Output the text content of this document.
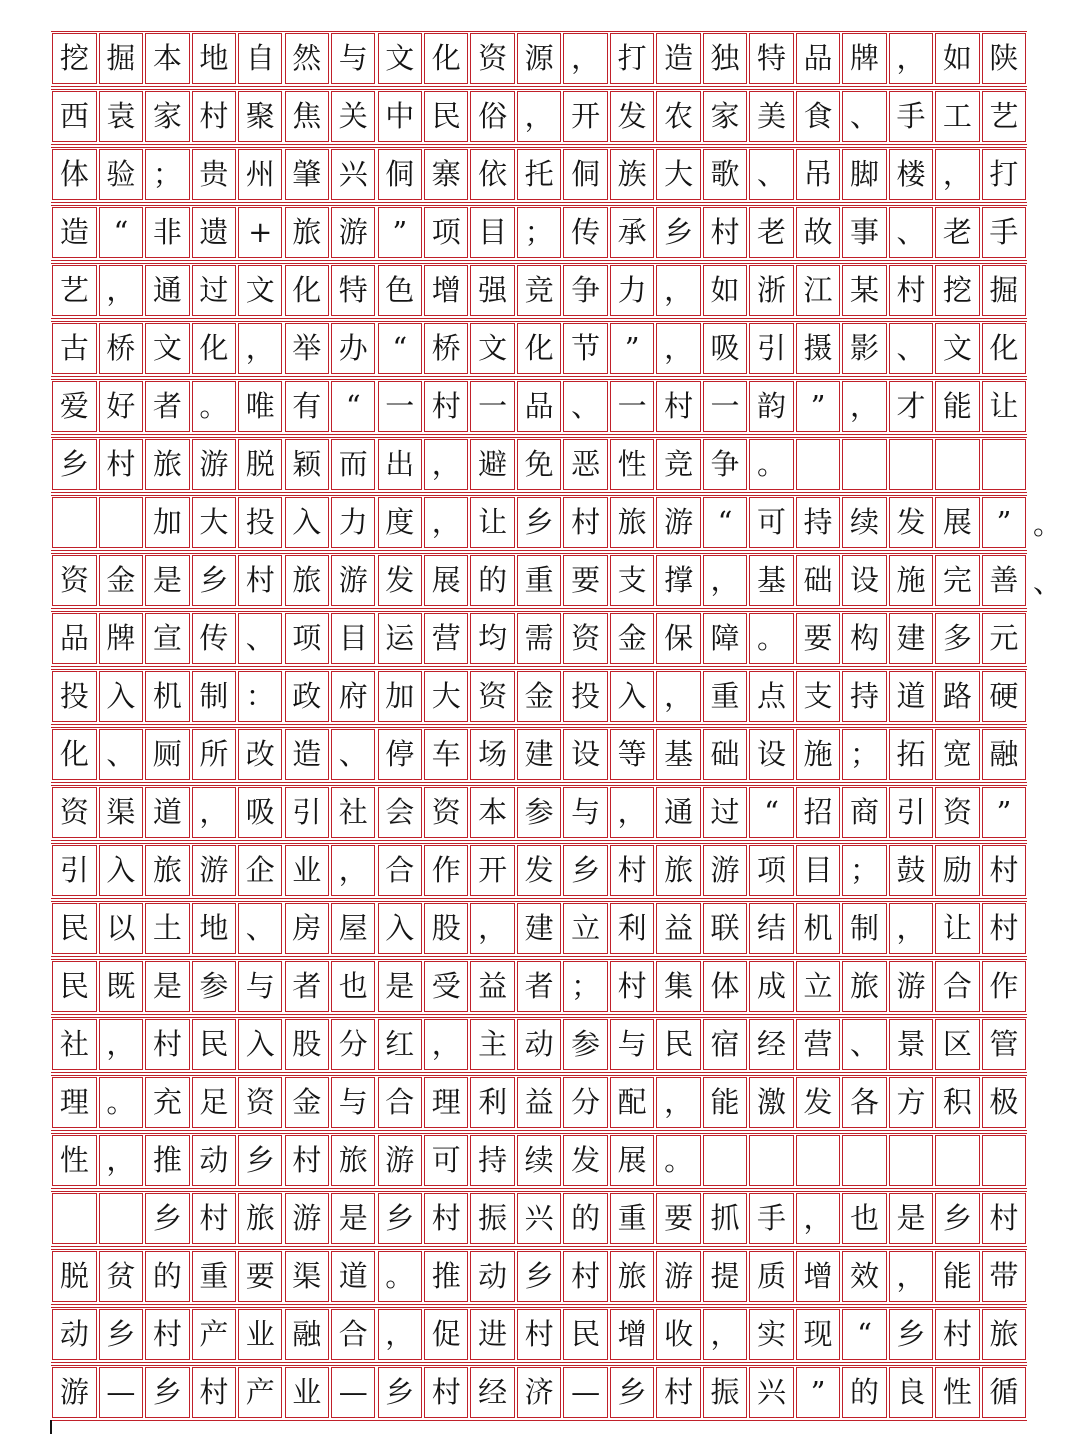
挖 掘 本 地 自 然 与 文 化 资 源 ， 打 造 独 特 品 牌 ， 如 陕
西 袁 家 村 聚 焦 关 中 民 俗 ， 开 发 农 家 美 食 、 手 工 艺
体 验 ； 贵 州 肇 兴 侗 寨 依 托 侗 族 大 歌 、 吊 脚 楼 ， 打
造 “ 非 遗 + 旅 游 ” 项 目 ； 传 承 乡 村 老 故 事 、 老 手
艺 ， 通 过 文 化 特 色 增 强 竞 争 力 ， 如 浙 江 某 村 挖 掘
古 桥 文 化 ， 举 办 “ 桥 文 化 节 ” ， 吸 引 摄 影 、 文 化
爱 好 者 。 唯 有 “ 一 村 一 品 、 一 村 一 韵 ” ， 才 能 让
乡 村 旅 游 脱 颖 而 出 ， 避 免 恶 性 竞 争 。
加 大 投 入 力 度 ， 让 乡 村 旅 游 “ 可 持 续 发 展 ” 。
资 金 是 乡 村 旅 游 发 展 的 重 要 支 撑 ， 基 础 设 施 完 善 、
品 牌 宣 传 、 项 目 运 营 均 需 资 金 保 障 。 要 构 建 多 元
投 入 机 制 ： 政 府 加 大 资 金 投 入 ， 重 点 支 持 道 路 硬
化 、 厕 所 改 造 、 停 车 场 建 设 等 基 础 设 施 ； 拓 宽 融
资 渠 道 ， 吸 引 社 会 资 本 参 与 ， 通 过 “ 招 商 引 资 ”
引 入 旅 游 企 业 ， 合 作 开 发 乡 村 旅 游 项 目 ； 鼓 励 村
民 以 土 地 、 房 屋 入 股 ， 建 立 利 益 联 结 机 制 ， 让 村
民 既 是 参 与 者 也 是 受 益 者 ； 村 集 体 成 立 旅 游 合 作
社 ， 村 民 入 股 分 红 ， 主 动 参 与 民 宿 经 营 、 景 区 管
理 。 充 足 资 金 与 合 理 利 益 分 配 ， 能 激 发 各 方 积 极
性 ， 推 动 乡 村 旅 游 可 持 续 发 展 。
乡 村 旅 游 是 乡 村 振 兴 的 重 要 抓 手 ， 也 是 乡 村
脱 贫 的 重 要 渠 道 。 推 动 乡 村 旅 游 提 质 增 效 ， 能 带
动 乡 村 产 业 融 合 ， 促 进 村 民 增 收 ， 实 现 “ 乡 村 旅
游 — 乡 村 产 业 — 乡 村 经 济 — 乡 村 振 兴 ” 的 良 性 循
